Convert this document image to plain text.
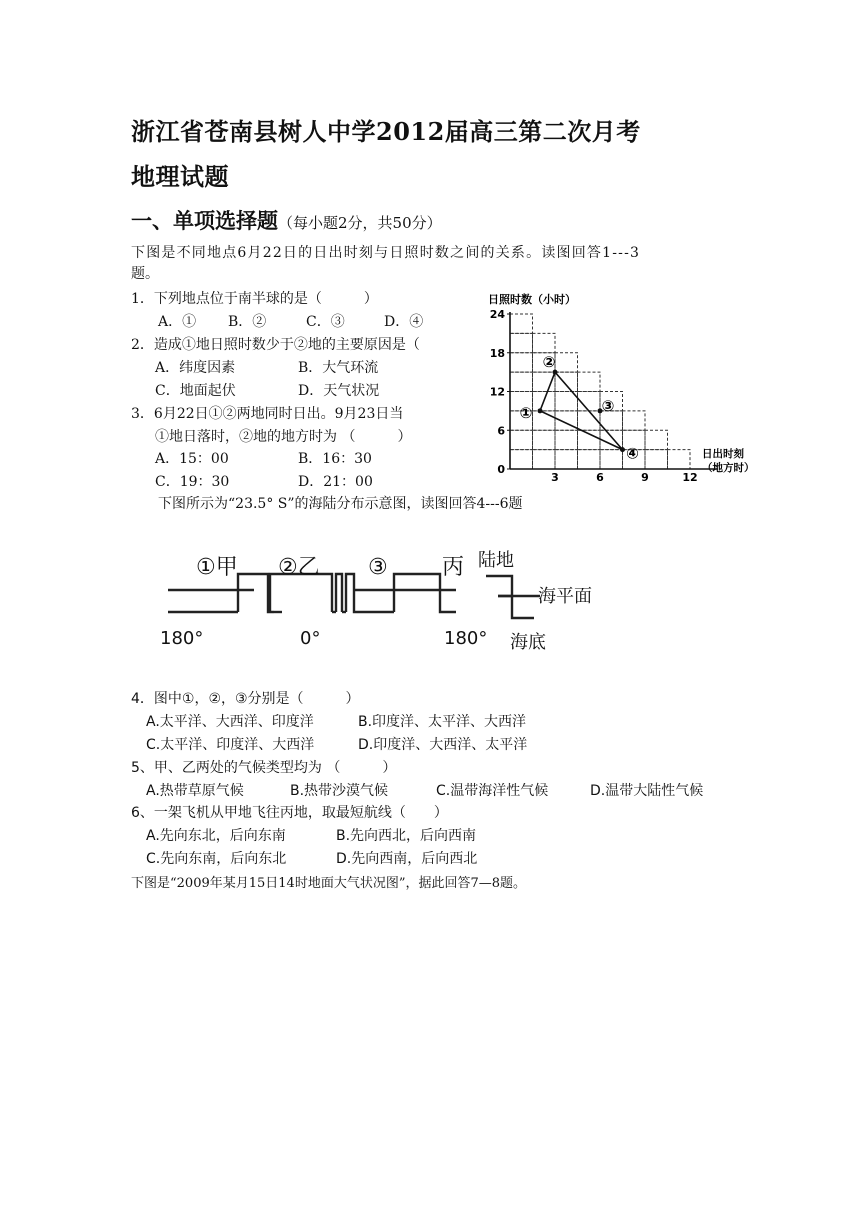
浙江省苍南县树人中学2012届高三第二次月考
地理试题
一、单项选择题（每小题2分，共50分）
下图是不同地点6月22日的日出时刻与日照时数之间的关系。读图回答1---3
题。
1．下列地点位于南半球的是（　　　）
A．① B．②	C．③	D．④
2．造成①地日照时数少于②地的主要原因是（
A．纬度因素	B．大气环流
C．地面起伏	D．天气状况
3．6月22日①②两地同时日出。9月23日当
①地日落时，②地的地方时为 （　　　）
A．15：00	B．16：30
C．19：30	D．21：00
日照时数（小时）
日出时刻
（地方时）
0
6
12
18
24
3	6	9	12
①
②
③
④
下图所示为“23.5° S”的海陆分布示意图，读图回答4---6题
①甲 ②乙 ③ 丙
180°	0°	180°
陆地
海平面
海底
4．图中①，②，③分别是（　　　）
A.太平洋、大西洋、印度洋	B.印度洋、太平洋、大西洋
C.太平洋、印度洋、大西洋	D.印度洋、大西洋、太平洋
5、甲、乙两处的气候类型均为 （　　　）
A.热带草原气候	B.热带沙漠气候	C.温带海洋性气候	D.温带大陆性气候
6、一架飞机从甲地飞往丙地，取最短航线（　　）
A.先向东北，后向东南	B.先向西北，后向西南
C.先向东南，后向东北	D.先向西南，后向西北
下图是“2009年某月15日14时地面大气状况图”，据此回答7—8题。
